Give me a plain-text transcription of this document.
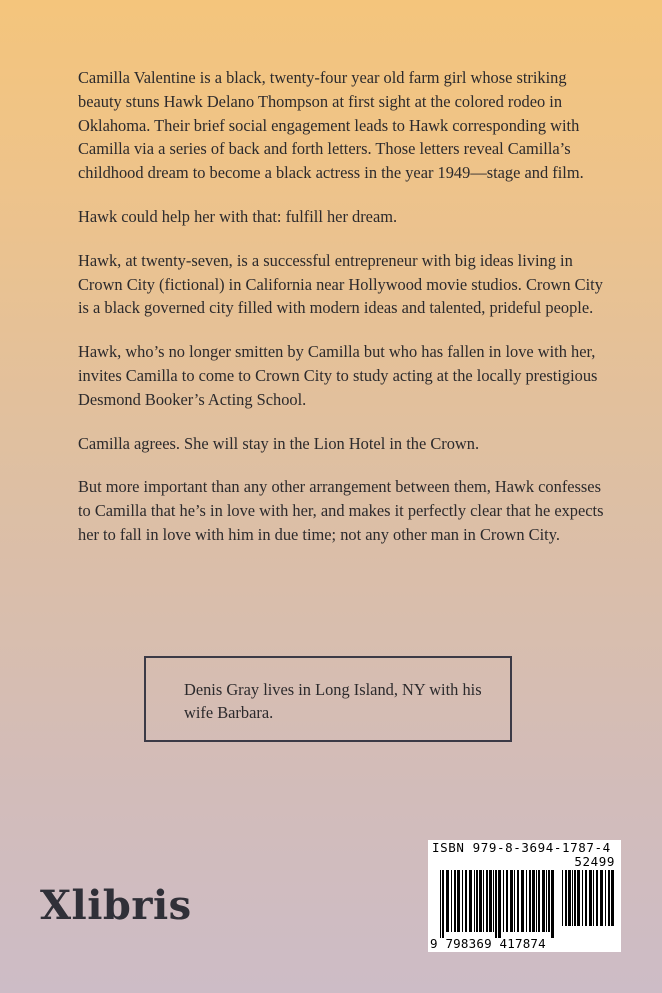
Camilla Valentine is a black, twenty-four year old farm girl whose striking beauty stuns Hawk Delano Thompson at first sight at the colored rodeo in Oklahoma. Their brief social engagement leads to Hawk corresponding with Camilla via a series of back and forth letters. Those letters reveal Camilla’s childhood dream to become a black actress in the year 1949—stage and film.

Hawk could help her with that: fulfill her dream.

Hawk, at twenty-seven, is a successful entrepreneur with big ideas living in Crown City (fictional) in California near Hollywood movie studios. Crown City is a black governed city filled with modern ideas and talented, prideful people.

Hawk, who’s no longer smitten by Camilla but who has fallen in love with her, invites Camilla to come to Crown City to study acting at the locally prestigious Desmond Booker’s Acting School.

Camilla agrees. She will stay in the Lion Hotel in the Crown.

But more important than any other arrangement between them, Hawk confesses to Camilla that he’s in love with her, and makes it perfectly clear that he expects her to fall in love with him in due time; not any other man in Crown City.

Denis Gray lives in Long Island, NY with his wife Barbara.

Xlibris
ISBN 979-8-3694-1787-4
52499
9 798369 417874
